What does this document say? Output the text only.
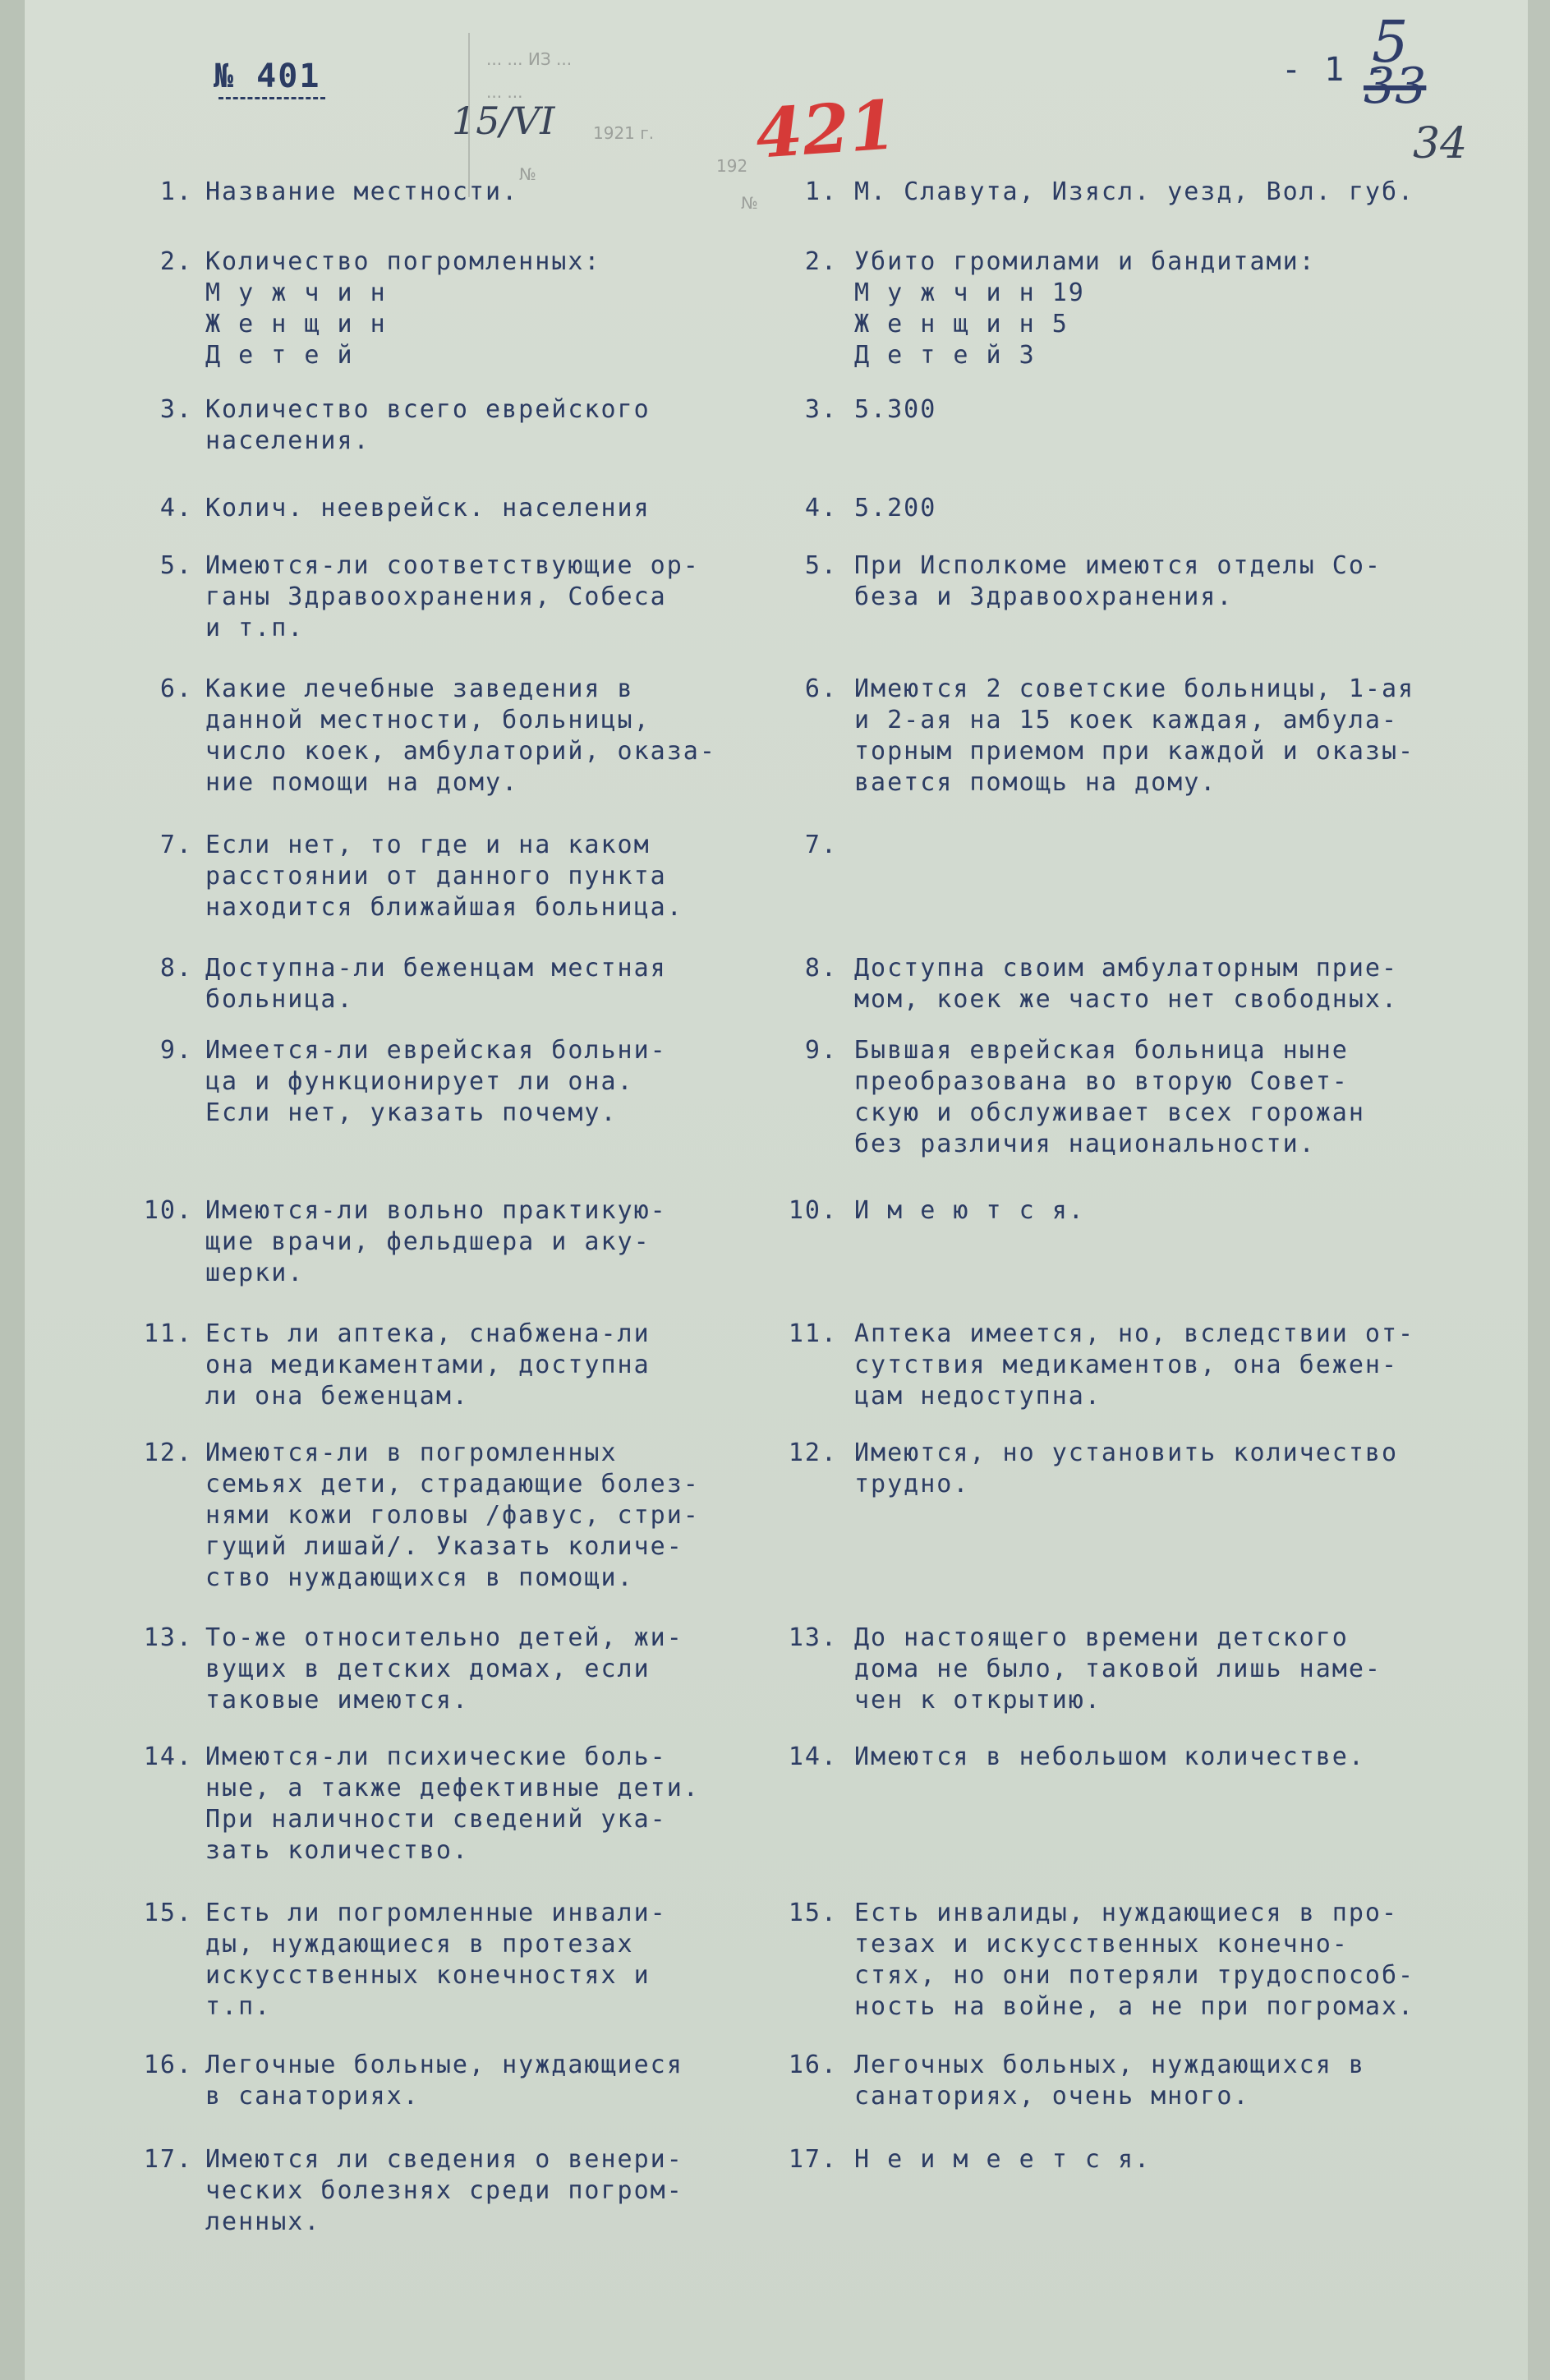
№ 401	- 1 -
5
33
34
... ... ИЗ ...
... ...
1921 г.
№	192
№
15/VI	421
1. Название местности.	1. М. Славута, Изясл. уезд, Вол. губ.
2. Количество погромленных:
М у ж ч и н
Ж е н щ и н
Д е т е й
2. Убито громилами и бандитами:
М у ж ч и н 19
Ж е н щ и н 5
Д е т е й 3
3. Количество всего еврейского
населения.
3. 5.300
4. Колич. нееврейск. населения	4. 5.200
5. Имеются-ли соответствующие ор-
ганы Здравоохранения, Собеса
и т.п.
5. При Исполкоме имеются отделы Со-
беза и Здравоохранения.
6. Какие лечебные заведения в
данной местности, больницы,
число коек, амбулаторий, оказа-
ние помощи на дому.
6. Имеются 2 советские больницы, 1-ая
и 2-ая на 15 коек каждая, амбула-
торным приемом при каждой и оказы-
вается помощь на дому.
7. Если нет, то где и на каком
расстоянии от данного пункта
находится ближайшая больница.
7.
8. Доступна-ли беженцам местная
больница.
8. Доступна своим амбулаторным прие-
мом, коек же часто нет свободных.
9. Имеется-ли еврейская больни-
ца и функционирует ли она.
Если нет, указать почему.
9. Бывшая еврейская больница ныне
преобразована во вторую Совет-
скую и обслуживает всех горожан
без различия национальности.
10. Имеются-ли вольно практикую-
щие врачи, фельдшера и аку-
шерки.
10. И м е ю т с я.
11. Есть ли аптека, снабжена-ли
она медикаментами, доступна
ли она беженцам.
11. Аптека имеется, но, вследствии от-
сутствия медикаментов, она бежен-
цам недоступна.
12. Имеются-ли в погромленных
семьях дети, страдающие болез-
нями кожи головы /фавус, стри-
гущий лишай/. Указать количе-
ство нуждающихся в помощи.
12. Имеются, но установить количество
трудно.
13. То-же относительно детей, жи-
вущих в детских домах, если
таковые имеются.
13. До настоящего времени детского
дома не было, таковой лишь наме-
чен к открытию.
14. Имеются-ли психические боль-
ные, а также дефективные дети.
При наличности сведений ука-
зать количество.
14. Имеются в небольшом количестве.
15. Есть ли погромленные инвали-
ды, нуждающиеся в протезах
искусственных конечностях и
т.п.
15. Есть инвалиды, нуждающиеся в про-
тезах и искусственных конечно-
стях, но они потеряли трудоспособ-
ность на войне, а не при погромах.
16. Легочные больные, нуждающиеся
в санаториях.
16. Легочных больных, нуждающихся в
санаториях, очень много.
17. Имеются ли сведения о венери-
ческих болезнях среди погром-
ленных.
17. Н е и м е е т с я.
